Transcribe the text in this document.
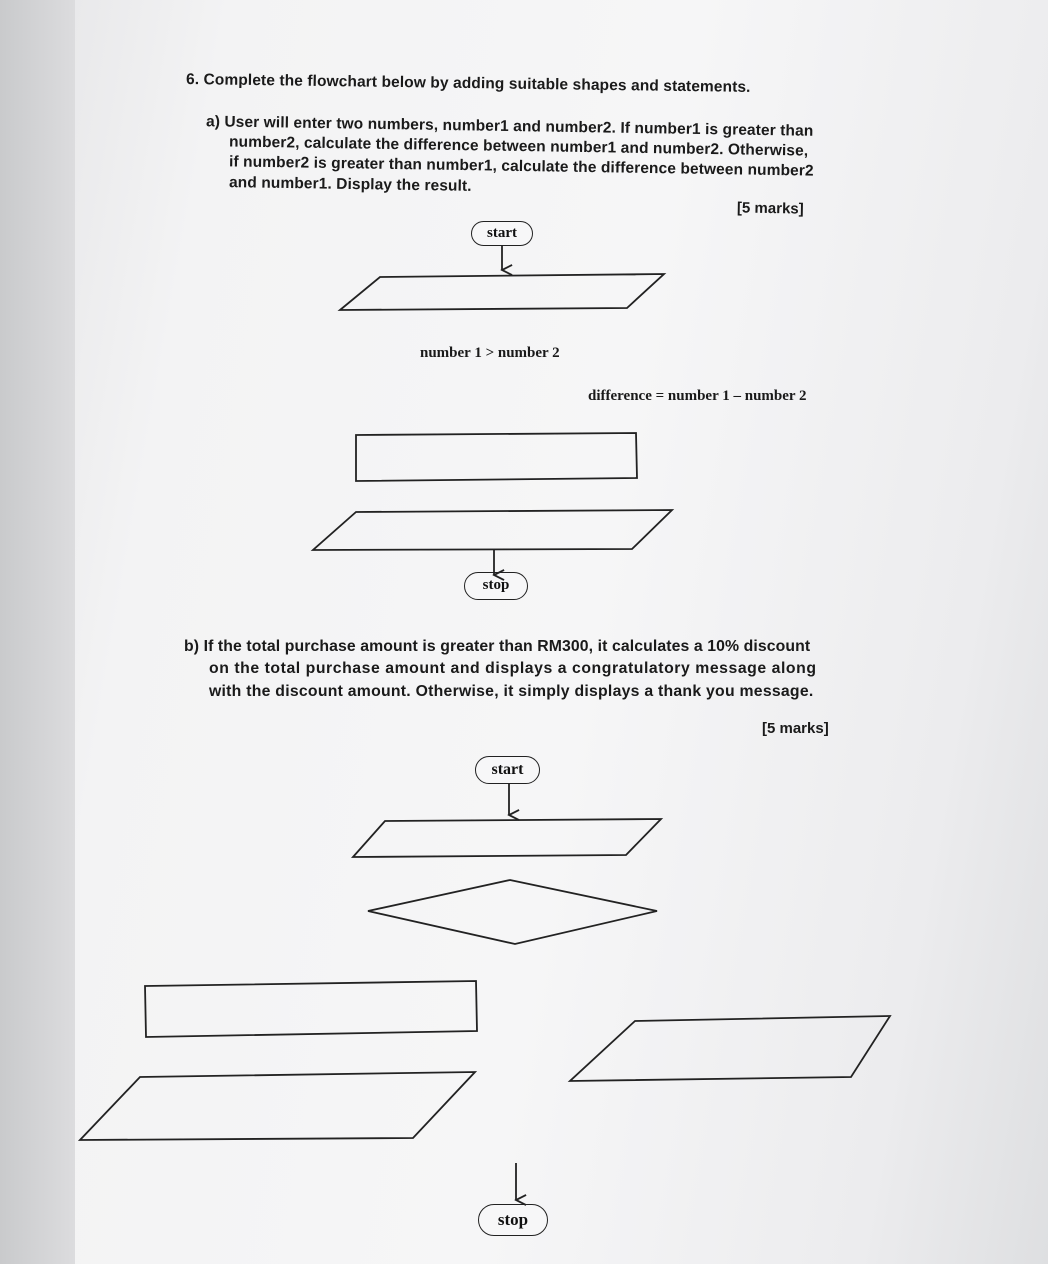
6. Complete the flowchart below by adding suitable shapes and statements.
a) User will enter two numbers, number1 and number2. If number1 is greater than
number2, calculate the difference between number1 and number2. Otherwise,
if number2 is greater than number1, calculate the difference between number2
and number1. Display the result.
[5 marks]
start
stop
number 1 > number 2
difference = number 1 – number 2
b) If the total purchase amount is greater than RM300, it calculates a 10% discount
on the total purchase amount and displays a congratulatory message along
with the discount amount. Otherwise, it simply displays a thank you message.
[5 marks]
start
stop
